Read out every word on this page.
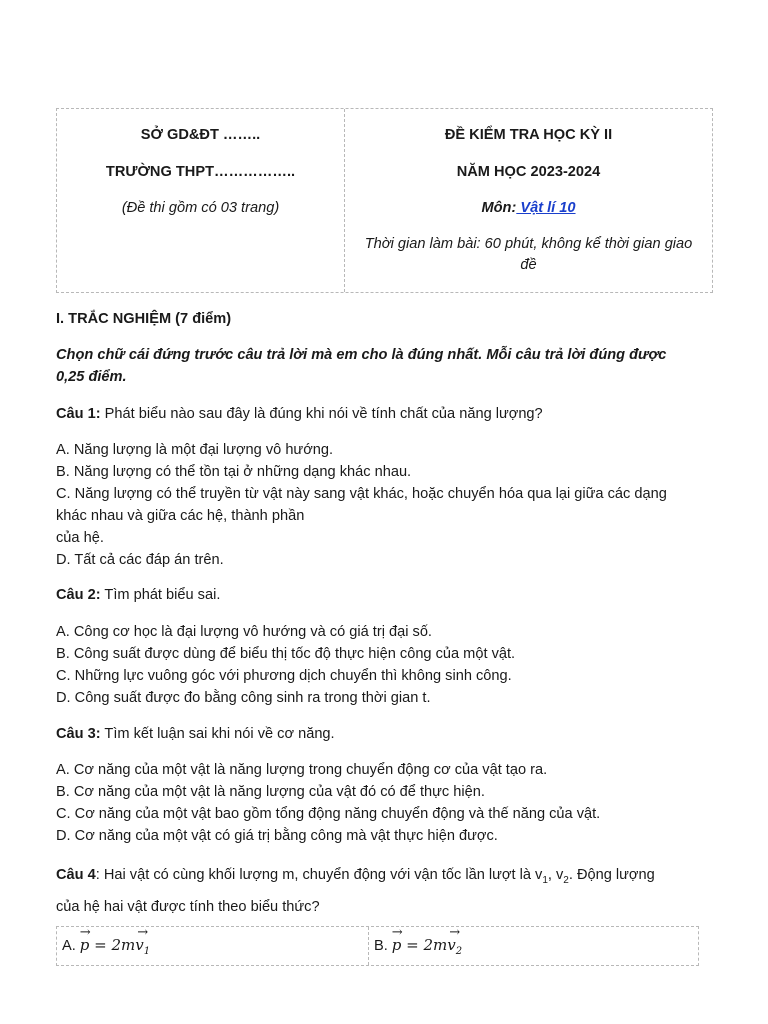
SỞ GD&ĐT ……..
TRƯỜNG THPT……………..
(Đề thi gồm có 03 trang)
ĐỀ KIỂM TRA HỌC KỲ II
NĂM HỌC 2023-2024
Môn: Vật lí 10
Thời gian làm bài: 60 phút, không kể thời gian giao
đề
I. TRẮC NGHIỆM (7 điểm)
Chọn chữ cái đứng trước câu trả lời mà em cho là đúng nhất. Mỗi câu trả lời đúng được
0,25 điểm.
Câu 1: Phát biểu nào sau đây là đúng khi nói về tính chất của năng lượng?
A. Năng lượng là một đại lượng vô hướng.
B. Năng lượng có thể tồn tại ở những dạng khác nhau.
C. Năng lượng có thể truyền từ vật này sang vật khác, hoặc chuyển hóa qua lại giữa các dạng
khác nhau và giữa các hệ, thành phần
của hệ.
D. Tất cả các đáp án trên.
Câu 2: Tìm phát biểu sai.
A. Công cơ học là đại lượng vô hướng và có giá trị đại số.
B. Công suất được dùng để biểu thị tốc độ thực hiện công của một vật.
C. Những lực vuông góc với phương dịch chuyển thì không sinh công.
D. Công suất được đo bằng công sinh ra trong thời gian t.
Câu 3: Tìm kết luận sai khi nói về cơ năng.
A. Cơ năng của một vật là năng lượng trong chuyển động cơ của vật tạo ra.
B. Cơ năng của một vật là năng lượng của vật đó có để thực hiện.
C. Cơ năng của một vật bao gồm tổng động năng chuyển động và thế năng của vật.
D. Cơ năng của một vật có giá trị bằng công mà vật thực hiện được.
Câu 4: Hai vật có cùng khối lượng m, chuyển động với vận tốc lần lượt là $v_1$, $v_2$. Động lượng
của hệ hai vật được tính theo biểu thức?
A. → $p = 2m\to v_1$	B. → $p = 2m\to v_2$
